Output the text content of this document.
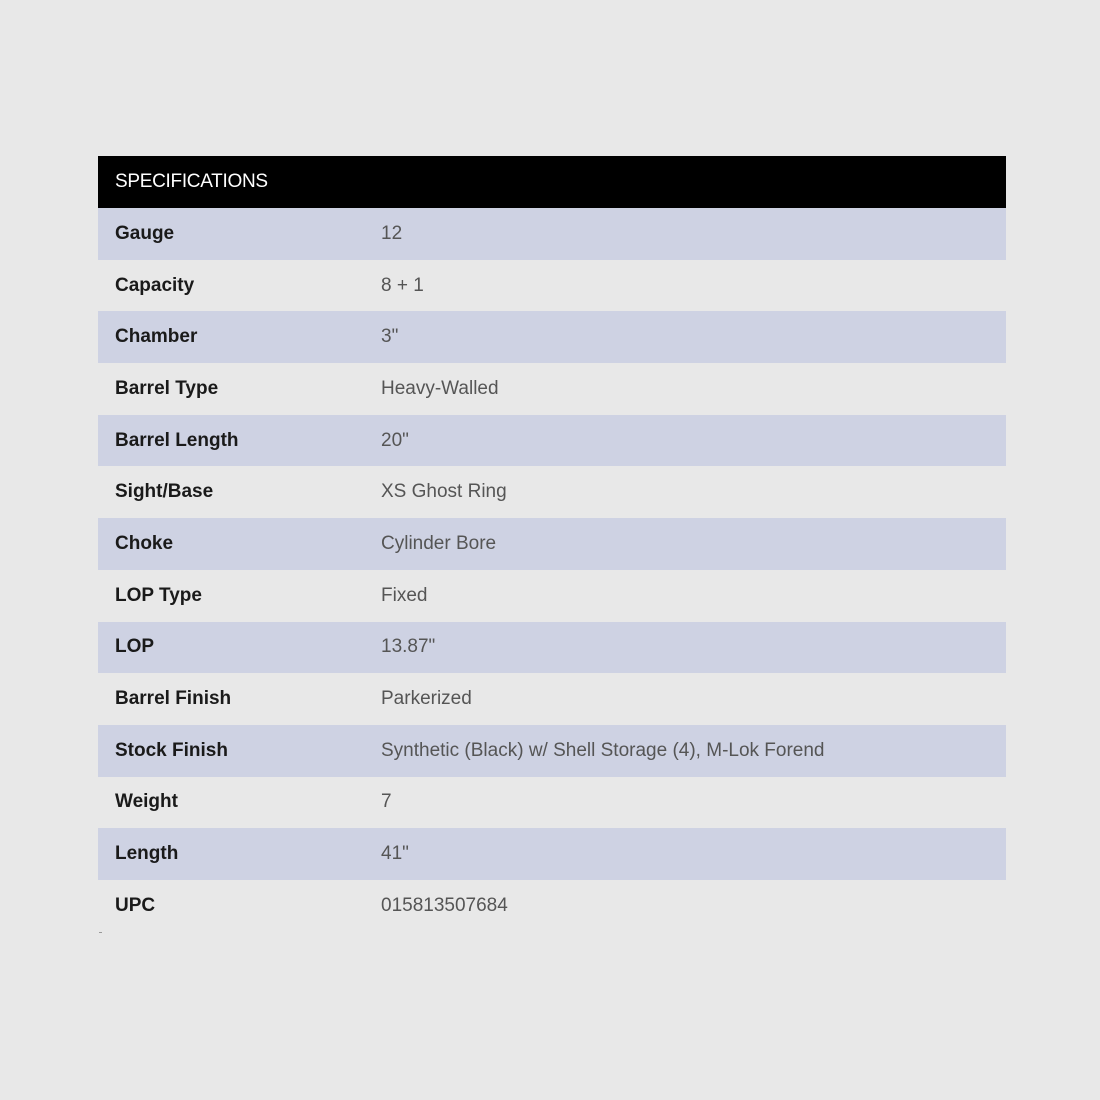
SPECIFICATIONS
Gauge	12
Capacity	8 + 1
Chamber	3"
Barrel Type	Heavy-Walled
Barrel Length	20"
Sight/Base	XS Ghost Ring
Choke	Cylinder Bore
LOP Type	Fixed
LOP	13.87"
Barrel Finish	Parkerized
Stock Finish	Synthetic (Black) w/ Shell Storage (4), M-Lok Forend
Weight	7
Length	41"
UPC	015813507684
